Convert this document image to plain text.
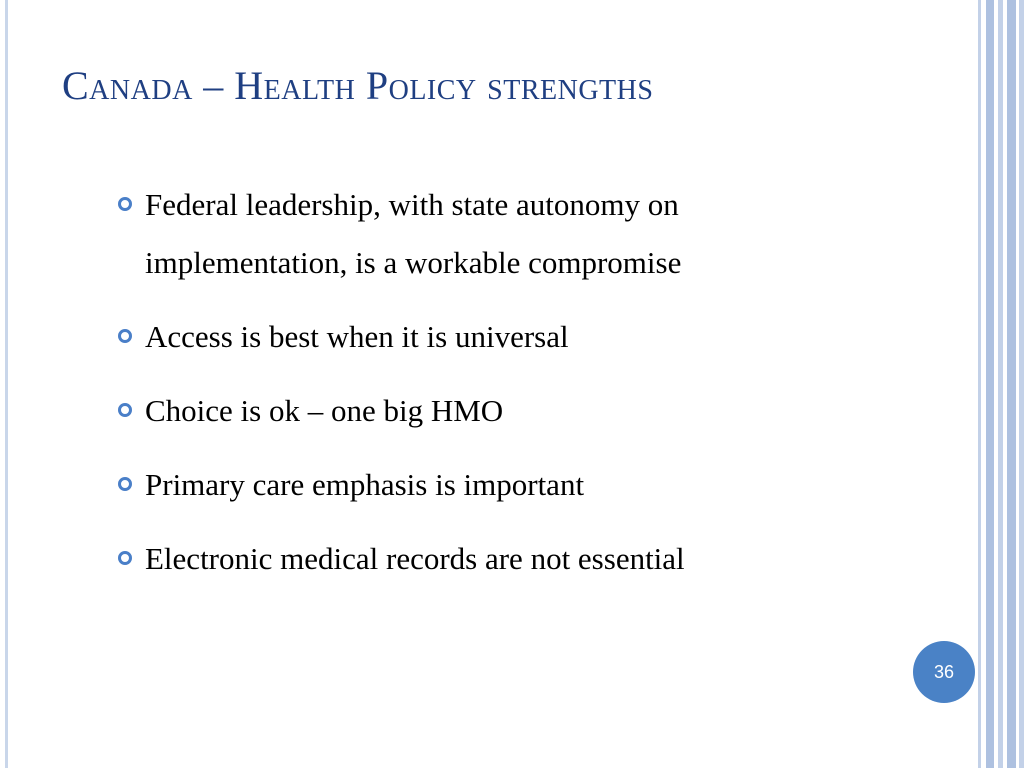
Canada – Health Policy strengths
Federal leadership, with state autonomy on implementation, is a workable compromise
Access is best when it is universal
Choice is ok – one big HMO
Primary care emphasis is important
Electronic medical records are not essential
36
